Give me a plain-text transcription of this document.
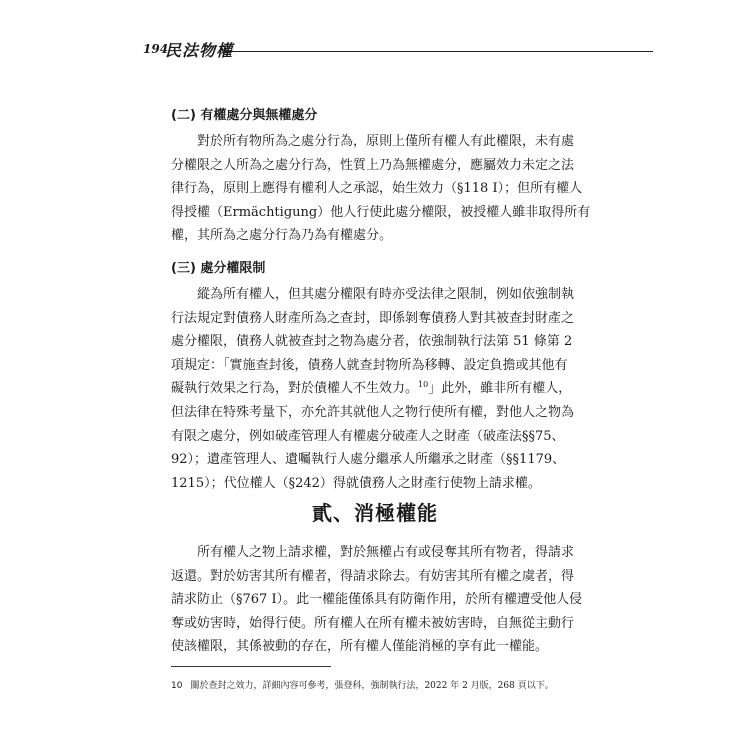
194
民法物權
(二) 有權處分與無權處分
對於所有物所為之處分行為，原則上僅所有權人有此權限，未有處
分權限之人所為之處分行為，性質上乃為無權處分，應屬效力未定之法
律行為，原則上應得有權利人之承認，始生效力（§118 I）；但所有權人
得授權（Ermächtigung）他人行使此處分權限，被授權人雖非取得所有
權，其所為之處分行為乃為有權處分。
(三) 處分權限制
縱為所有權人，但其處分權限有時亦受法律之限制，例如依強制執
行法規定對債務人財產所為之查封，即係剝奪債務人對其被查封財產之
處分權限，債務人就被查封之物為處分者，依強制執行法第 51 條第 2
項規定：「實施查封後，債務人就查封物所為移轉、設定負擔或其他有
礙執行效果之行為，對於債權人不生效力。$^{10}$」此外，雖非所有權人，
但法律在特殊考量下，亦允許其就他人之物行使所有權，對他人之物為
有限之處分，例如破產管理人有權處分破產人之財產（破產法§§75、
92）；遺產管理人、遺囑執行人處分繼承人所繼承之財產（§§1179、
1215）；代位權人（§242）得就債務人之財產行使物上請求權。
貳、消極權能
所有權人之物上請求權，對於無權占有或侵奪其所有物者，得請求
返還。對於妨害其所有權者，得請求除去。有妨害其所有權之虞者，得
請求防止（§767 I）。此一權能僅係具有防衛作用，於所有權遭受他人侵
奪或妨害時，始得行使。所有權人在所有權未被妨害時，自無從主動行
使該權限，其係被動的存在，所有權人僅能消極的享有此一權能。
10 關於查封之效力，詳細內容可參考，張登科，強制執行法，2022 年 2 月版，268 頁以下。
